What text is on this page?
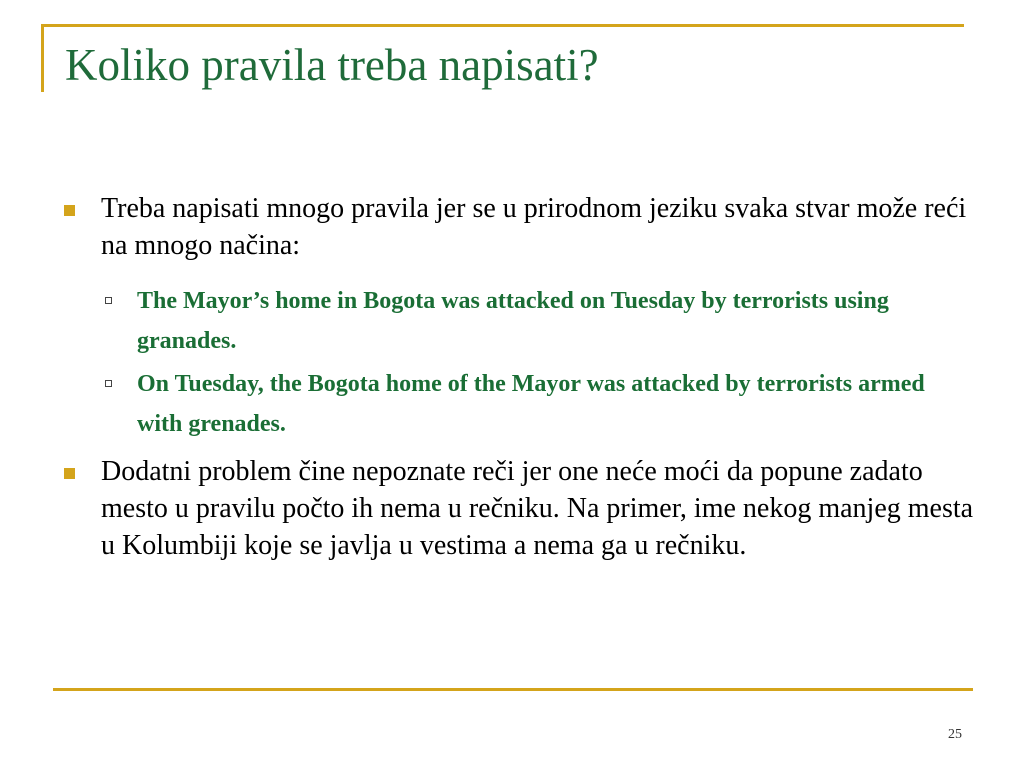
Koliko pravila treba napisati?
Treba napisati mnogo pravila jer se u prirodnom jeziku svaka stvar može reći na mnogo načina:
The Mayor’s home in Bogota was attacked on Tuesday by terrorists using granades.
On Tuesday, the Bogota home of the Mayor was attacked by terrorists armed with grenades.
Dodatni problem čine nepoznate reči jer one neće moći da popune zadato mesto u pravilu počto ih nema u rečniku. Na primer, ime nekog manjeg mesta u Kolumbiji koje se javlja u vestima a nema ga u rečniku.
25
